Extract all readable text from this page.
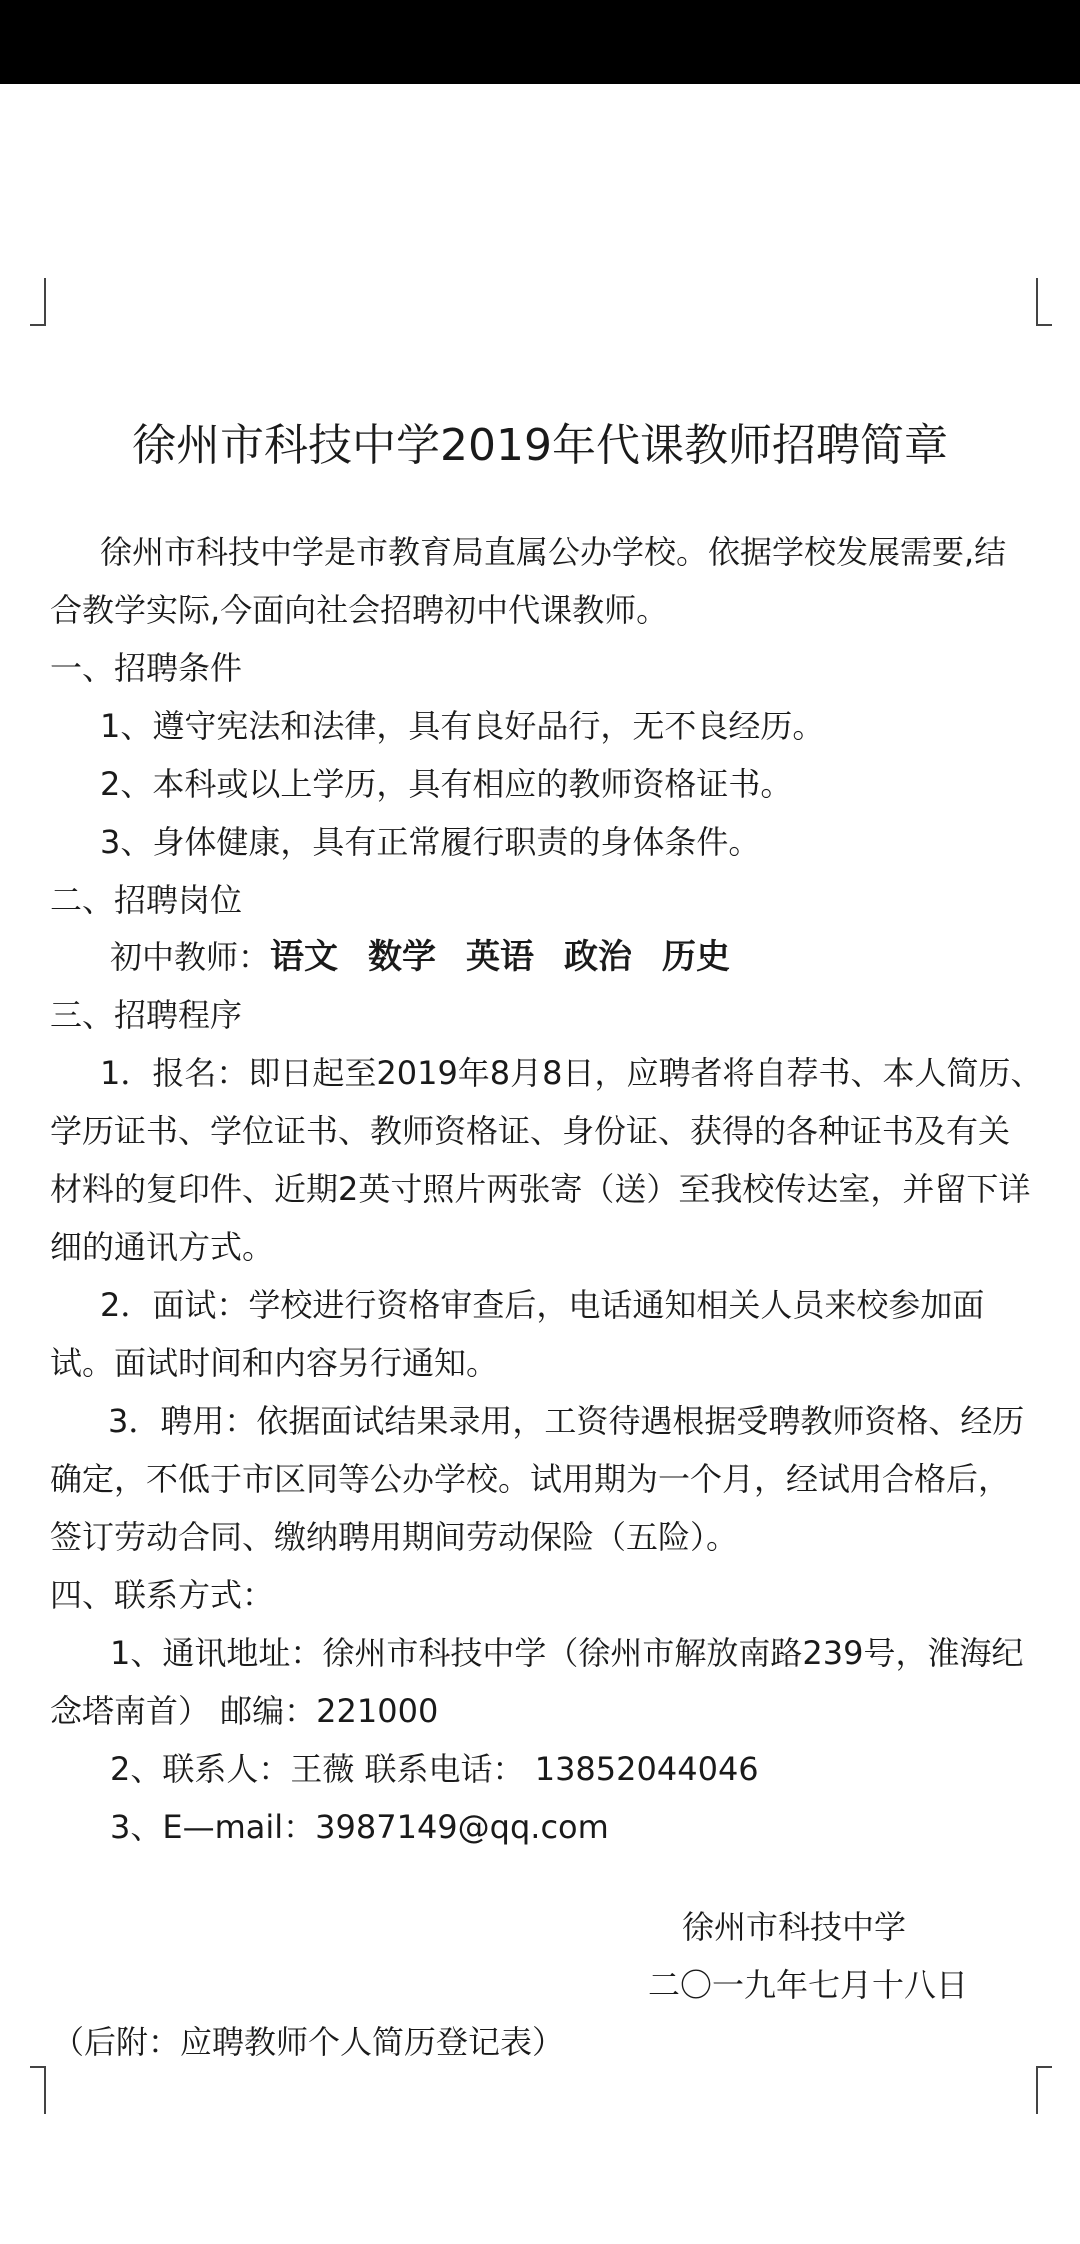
徐州市科技中学2019年代课教师招聘简章
徐州市科技中学是市教育局直属公办学校。依据学校发展需要,结
合教学实际,今面向社会招聘初中代课教师。
一、招聘条件
1、遵守宪法和法律，具有良好品行，无不良经历。
2、本科或以上学历，具有相应的教师资格证书。
3、身体健康，具有正常履行职责的身体条件。
二、招聘岗位
初中教师：语文 数学 英语 政治 历史
三、招聘程序
1．报名：即日起至2019年8月8日，应聘者将自荐书、本人简历、
学历证书、学位证书、教师资格证、身份证、获得的各种证书及有关
材料的复印件、近期2英寸照片两张寄（送）至我校传达室，并留下详
细的通讯方式。
2．面试：学校进行资格审查后，电话通知相关人员来校参加面
试。面试时间和内容另行通知。
3．聘用：依据面试结果录用，工资待遇根据受聘教师资格、经历
确定，不低于市区同等公办学校。试用期为一个月，经试用合格后，
签订劳动合同、缴纳聘用期间劳动保险（五险）。
四、联系方式：
1、通讯地址：徐州市科技中学（徐州市解放南路239号，淮海纪
念塔南首） 邮编：221000
2、联系人：王薇 联系电话： 13852044046
3、E—mail：3987149@qq.com
徐州市科技中学
二〇一九年七月十八日
（后附：应聘教师个人简历登记表）
